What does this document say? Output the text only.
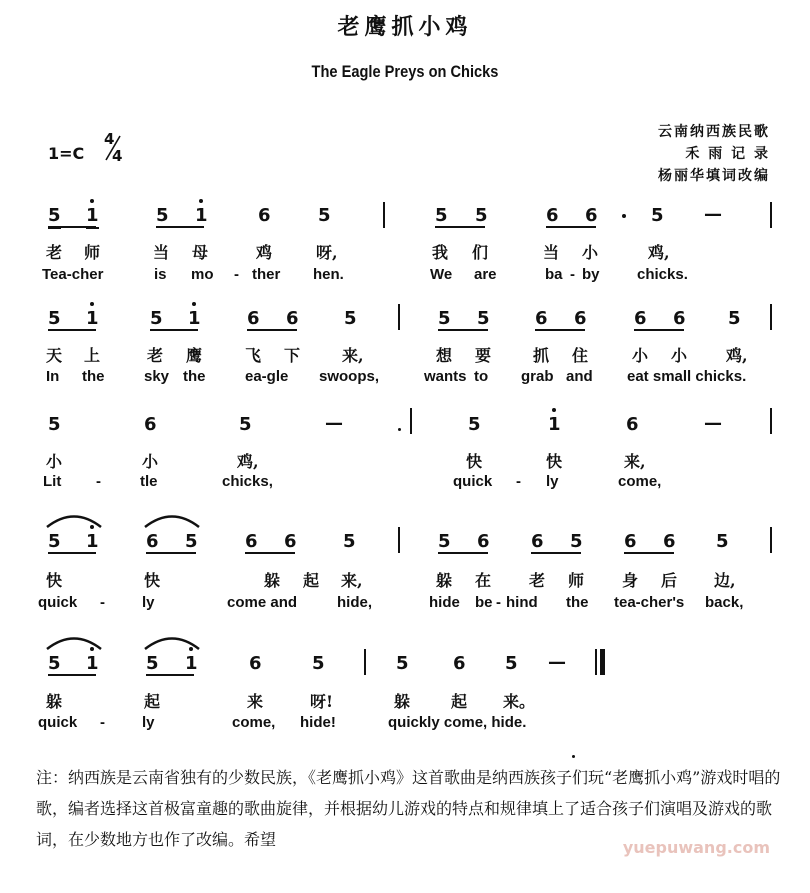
老鹰抓小鸡
The Eagle Preys on Chicks
1=C
4
4
云南纳西族民歌
禾 雨 记 录
杨丽华填词改编
5 1	5 1	6	5	5 5	6 6	5 —
老 师	当 母	鸡	呀,	我 们	当 小	鸡,
Tea-cher	is mo - ther hen.	We are	ba - by chicks.
5 1	5 1	6 6	5	5 5	6 6	6 6 5
天 上	老 鹰	飞 下	来,	想 要	抓 住	小 小 鸡,
In the	sky the	ea-gle swoops,	wants to grab and eat small chicks.
5	6	5	—	5	1	6	—
小	小	鸡,	快	快	来,
Lit -	tle	chicks,	quick - ly	come,
5 1	6 5	6 6	5	5 6 6 5 6 6 5
快	快	躲 起 来,	躲 在 老 师 身 后 边,
quick - ly	come and	hide,	hide be - hind the tea-cher's back,
5 1	5 1	6	5	5 6 5 —
躲	起	来	呀!	躲	起 来。
quick - ly	come, hide!	quickly come, hide.
注：纳西族是云南省独有的少数民族，《老鹰抓小鸡》这首歌曲是纳西族孩子们玩“老鹰抓小鸡”游戏时唱的歌，编者选择这首极富童趣的歌曲旋律，并根据幼儿游戏的特点和规律填上了适合孩子们演唱及游戏的歌词，在少数地方也作了改编。希望	yuepuwang.com
